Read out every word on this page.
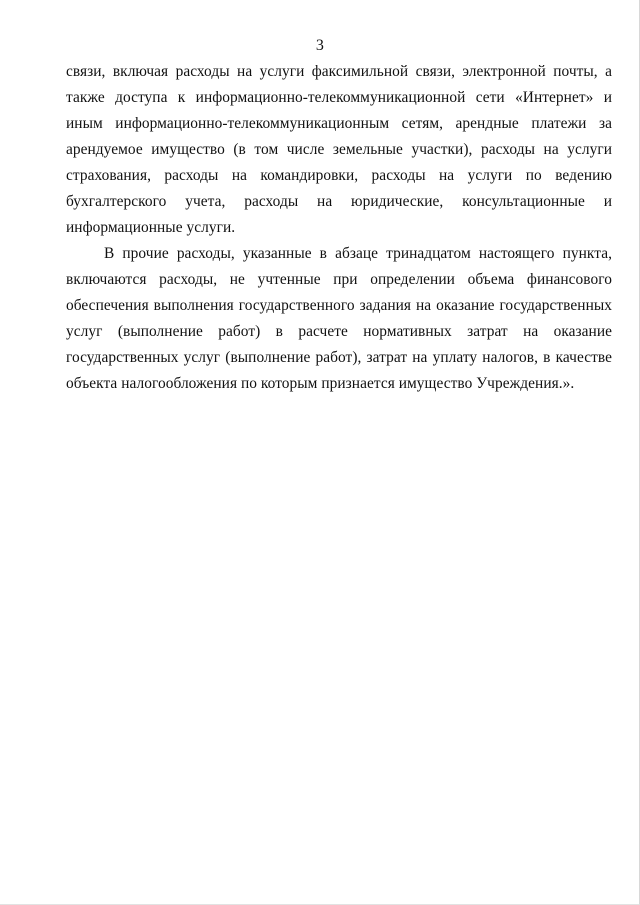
3

связи, включая расходы на услуги факсимильной связи, электронной почты, а также доступа к информационно-телекоммуникационной сети «Интернет» и иным информационно-телекоммуникационным сетям, арендные платежи за арендуемое имущество (в том числе земельные участки), расходы на услуги страхования, расходы на командировки, расходы на услуги по ведению бухгалтерского учета, расходы на юридические, консультационные и информационные услуги.

В прочие расходы, указанные в абзаце тринадцатом настоящего пункта, включаются расходы, не учтенные при определении объема финансового обеспечения выполнения государственного задания на оказание государственных услуг (выполнение работ) в расчете нормативных затрат на оказание государственных услуг (выполнение работ), затрат на уплату налогов, в качестве объекта налогообложения по которым признается имущество Учреждения.».
